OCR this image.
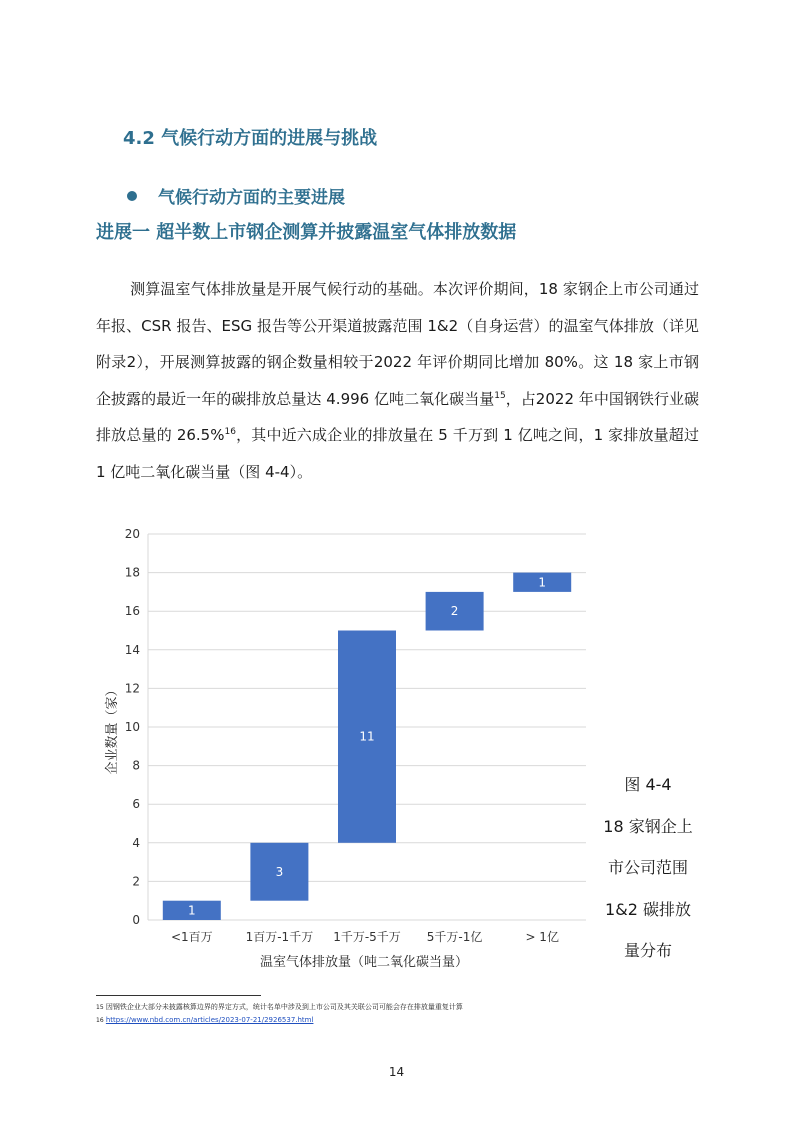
4.2 气候行动方面的进展与挑战
气候行动方面的主要进展
进展一 超半数上市钢企测算并披露温室气体排放数据

测算温室气体排放量是开展气候行动的基础。本次评价期间，18 家钢企上市公司通过年报、CSR 报告、ESG 报告等公开渠道披露范围 1&2（自身运营）的温室气体排放（详见附录2），开展测算披露的钢企数量相较于2022 年评价期同比增加 80%。这 18 家上市钢企披露的最近一年的碳排放总量达 4.996 亿吨二氧化碳当量$^{15}$，占2022 年中国钢铁行业碳排放总量的 26.5%$^{16}$，其中近六成企业的排放量在 5 千万到 1 亿吨之间，1 家排放量超过 1 亿吨二氧化碳当量（图 4-4）。

0
2
4
6
8
10
12
14
16
18
20
1
3
11
2
1
<1百万	1百万-1千万 1千万-5千万 5千万-1亿	> 1亿
温室气体排放量（吨二氧化碳当量）
企业数量（家）
图 4-4
18 家钢企上
市公司范围
1&2 碳排放
量分布
15 因钢铁企业大部分未披露核算边界的界定方式，统计名单中涉及到上市公司及其关联公司可能会存在排放量重复计算
16 https://www.nbd.com.cn/articles/2023-07-21/2926537.html
14
